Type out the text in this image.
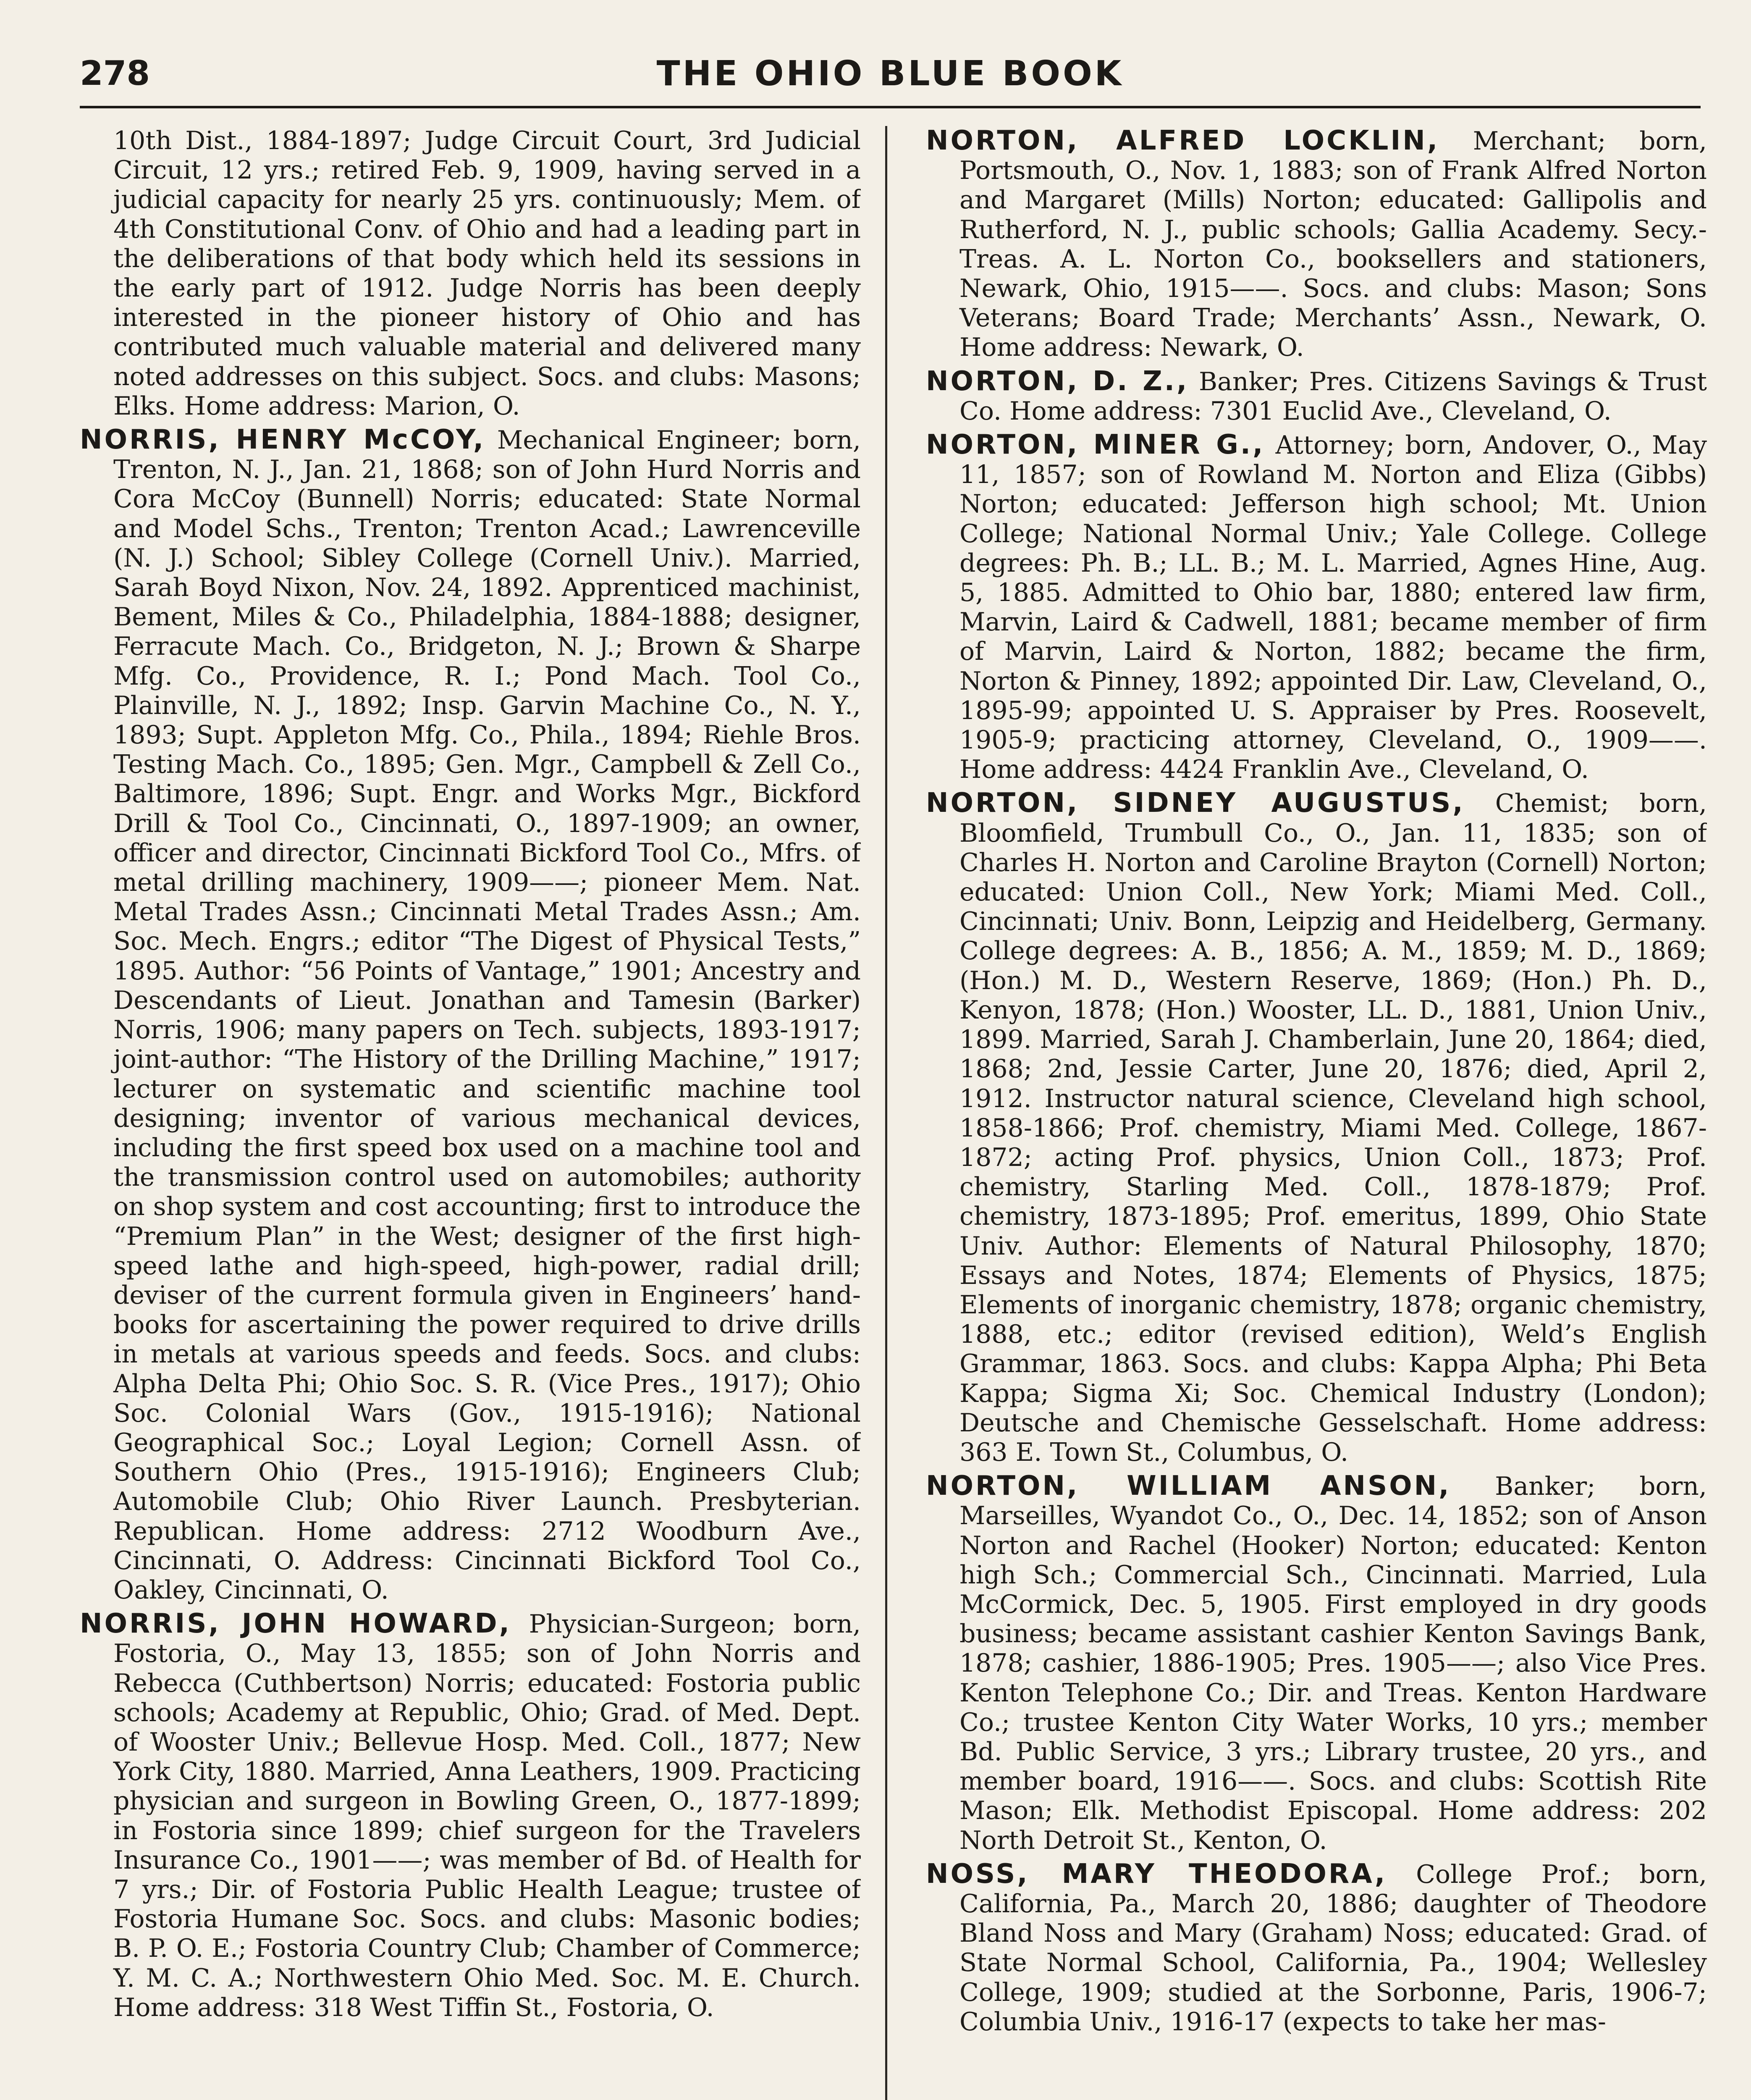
278	THE OHIO BLUE BOOK

10th Dist., 1884-1897; Judge Circuit Court, 3rd Judicial Circuit, 12 yrs.; retired Feb. 9, 1909, having served in a judicial capacity for nearly 25 yrs. continuously; Mem. of 4th Constitutional Conv. of Ohio and had a leading part in the deliberations of that body which held its sessions in the early part of 1912. Judge Norris has been deeply interested in the pioneer history of Ohio and has contributed much valuable material and delivered many noted addresses on this subject. Socs. and clubs: Masons; Elks. Home address: Marion, O.

NORRIS, HENRY McCOY, Mechanical Engineer; born, Trenton, N. J., Jan. 21, 1868; son of John Hurd Norris and Cora McCoy (Bunnell) Norris; educated: State Normal and Model Schs., Trenton; Trenton Acad.; Lawrenceville (N. J.) School; Sibley College (Cornell Univ.). Married, Sarah Boyd Nixon, Nov. 24, 1892. Apprenticed machinist, Bement, Miles & Co., Philadelphia, 1884-1888; designer, Ferracute Mach. Co., Bridgeton, N. J.; Brown & Sharpe Mfg. Co., Providence, R. I.; Pond Mach. Tool Co., Plainville, N. J., 1892; Insp. Garvin Machine Co., N. Y., 1893; Supt. Appleton Mfg. Co., Phila., 1894; Riehle Bros. Testing Mach. Co., 1895; Gen. Mgr., Campbell & Zell Co., Baltimore, 1896; Supt. Engr. and Works Mgr., Bickford Drill & Tool Co., Cincinnati, O., 1897-1909; an owner, officer and director, Cincinnati Bickford Tool Co., Mfrs. of metal drilling machinery, 1909——; pioneer Mem. Nat. Metal Trades Assn.; Cincinnati Metal Trades Assn.; Am. Soc. Mech. Engrs.; editor “The Digest of Physical Tests,” 1895. Author: “56 Points of Vantage,” 1901; Ancestry and Descendants of Lieut. Jonathan and Tamesin (Barker) Norris, 1906; many papers on Tech. subjects, 1893-1917; joint-author: “The History of the Drilling Machine,” 1917; lecturer on systematic and scientific machine tool designing; inventor of various mechanical devices, including the first speed box used on a machine tool and the transmission control used on automobiles; authority on shop system and cost accounting; first to introduce the “Premium Plan” in the West; designer of the first high-speed lathe and high-speed, high-power, radial drill; deviser of the current formula given in Engineers’ hand-books for ascertaining the power required to drive drills in metals at various speeds and feeds. Socs. and clubs: Alpha Delta Phi; Ohio Soc. S. R. (Vice Pres., 1917); Ohio Soc. Colonial Wars (Gov., 1915-1916); National Geographical Soc.; Loyal Legion; Cornell Assn. of Southern Ohio (Pres., 1915-1916); Engineers Club; Automobile Club; Ohio River Launch. Presbyterian. Republican. Home address: 2712 Woodburn Ave., Cincinnati, O. Address: Cincinnati Bickford Tool Co., Oakley, Cincinnati, O.

NORRIS, JOHN HOWARD, Physician-Surgeon; born, Fostoria, O., May 13, 1855; son of John Norris and Rebecca (Cuthbertson) Norris; educated: Fostoria public schools; Academy at Republic, Ohio; Grad. of Med. Dept. of Wooster Univ.; Bellevue Hosp. Med. Coll., 1877; New York City, 1880. Married, Anna Leathers, 1909. Practicing physician and surgeon in Bowling Green, O., 1877-1899; in Fostoria since 1899; chief surgeon for the Travelers Insurance Co., 1901——; was member of Bd. of Health for 7 yrs.; Dir. of Fostoria Public Health League; trustee of Fostoria Humane Soc. Socs. and clubs: Masonic bodies; B. P. O. E.; Fostoria Country Club; Chamber of Commerce; Y. M. C. A.; Northwestern Ohio Med. Soc. M. E. Church. Home address: 318 West Tiffin St., Fostoria, O.

NORTON, ALFRED LOCKLIN, Merchant; born, Portsmouth, O., Nov. 1, 1883; son of Frank Alfred Norton and Margaret (Mills) Norton; educated: Gallipolis and Rutherford, N. J., public schools; Gallia Academy. Secy.-Treas. A. L. Norton Co., booksellers and stationers, Newark, Ohio, 1915——. Socs. and clubs: Mason; Sons Veterans; Board Trade; Merchants’ Assn., Newark, O. Home address: Newark, O.

NORTON, D. Z., Banker; Pres. Citizens Savings & Trust Co. Home address: 7301 Euclid Ave., Cleveland, O.

NORTON, MINER G., Attorney; born, Andover, O., May 11, 1857; son of Rowland M. Norton and Eliza (Gibbs) Norton; educated: Jefferson high school; Mt. Union College; National Normal Univ.; Yale College. College degrees: Ph. B.; LL. B.; M. L. Married, Agnes Hine, Aug. 5, 1885. Admitted to Ohio bar, 1880; entered law firm, Marvin, Laird & Cadwell, 1881; became member of firm of Marvin, Laird & Norton, 1882; became the firm, Norton & Pinney, 1892; appointed Dir. Law, Cleveland, O., 1895-99; appointed U. S. Appraiser by Pres. Roosevelt, 1905-9; practicing attorney, Cleveland, O., 1909——. Home address: 4424 Franklin Ave., Cleveland, O.

NORTON, SIDNEY AUGUSTUS, Chemist; born, Bloomfield, Trumbull Co., O., Jan. 11, 1835; son of Charles H. Norton and Caroline Brayton (Cornell) Norton; educated: Union Coll., New York; Miami Med. Coll., Cincinnati; Univ. Bonn, Leipzig and Heidelberg, Germany. College degrees: A. B., 1856; A. M., 1859; M. D., 1869; (Hon.) M. D., Western Reserve, 1869; (Hon.) Ph. D., Kenyon, 1878; (Hon.) Wooster, LL. D., 1881, Union Univ., 1899. Married, Sarah J. Chamberlain, June 20, 1864; died, 1868; 2nd, Jessie Carter, June 20, 1876; died, April 2, 1912. Instructor natural science, Cleveland high school, 1858-1866; Prof. chemistry, Miami Med. College, 1867-1872; acting Prof. physics, Union Coll., 1873; Prof. chemistry, Starling Med. Coll., 1878-1879; Prof. chemistry, 1873-1895; Prof. emeritus, 1899, Ohio State Univ. Author: Elements of Natural Philosophy, 1870; Essays and Notes, 1874; Elements of Physics, 1875; Elements of inorganic chemistry, 1878; organic chemistry, 1888, etc.; editor (revised edition), Weld’s English Grammar, 1863. Socs. and clubs: Kappa Alpha; Phi Beta Kappa; Sigma Xi; Soc. Chemical Industry (London); Deutsche and Chemische Gesselschaft. Home address: 363 E. Town St., Columbus, O.

NORTON, WILLIAM ANSON, Banker; born, Marseilles, Wyandot Co., O., Dec. 14, 1852; son of Anson Norton and Rachel (Hooker) Norton; educated: Kenton high Sch.; Commercial Sch., Cincinnati. Married, Lula McCormick, Dec. 5, 1905. First employed in dry goods business; became assistant cashier Kenton Savings Bank, 1878; cashier, 1886-1905; Pres. 1905——; also Vice Pres. Kenton Telephone Co.; Dir. and Treas. Kenton Hardware Co.; trustee Kenton City Water Works, 10 yrs.; member Bd. Public Service, 3 yrs.; Library trustee, 20 yrs., and member board, 1916——. Socs. and clubs: Scottish Rite Mason; Elk. Methodist Episcopal. Home address: 202 North Detroit St., Kenton, O.

NOSS, MARY THEODORA, College Prof.; born, California, Pa., March 20, 1886; daughter of Theodore Bland Noss and Mary (Graham) Noss; educated: Grad. of State Normal School, California, Pa., 1904; Wellesley College, 1909; studied at the Sorbonne, Paris, 1906-7; Columbia Univ., 1916-17 (expects to take her mas-
